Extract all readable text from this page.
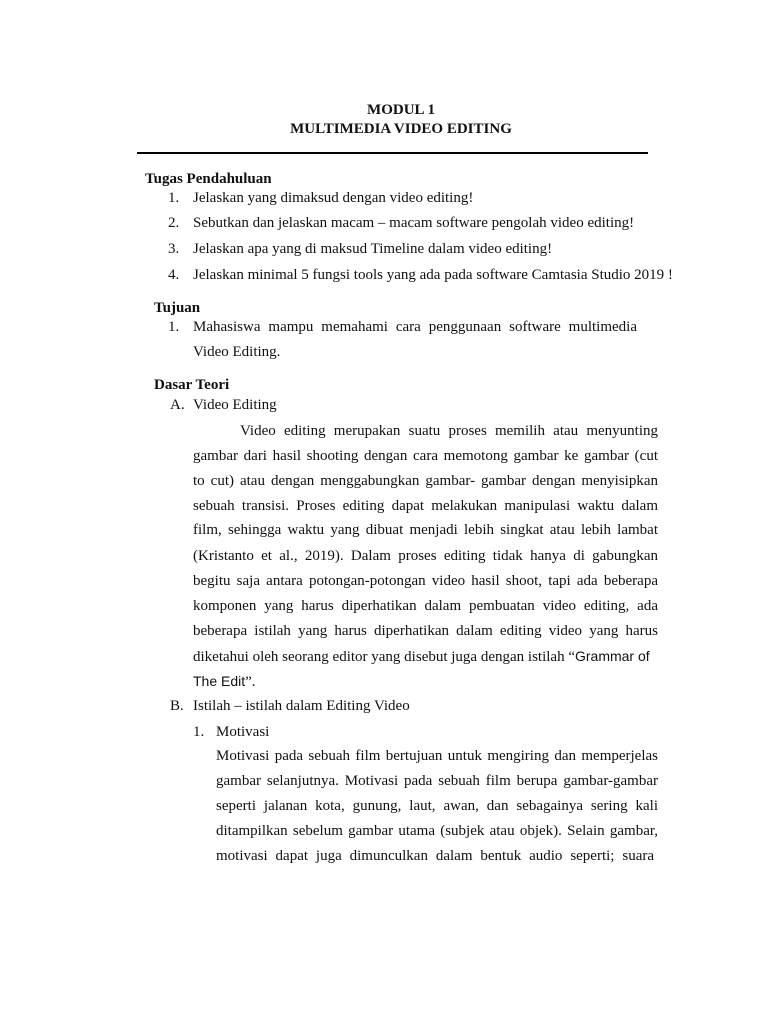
MODUL 1
MULTIMEDIA VIDEO EDITING
Tugas Pendahuluan
1. Jelaskan yang dimaksud dengan video editing!
2. Sebutkan dan jelaskan macam – macam software pengolah video editing!
3. Jelaskan apa yang di maksud Timeline dalam video editing!
4. Jelaskan minimal 5 fungsi tools yang ada pada software Camtasia Studio 2019 !
Tujuan
1. Mahasiswa mampu memahami cara penggunaan software multimedia
Video Editing.
Dasar Teori
A. Video Editing
Video editing merupakan suatu proses memilih atau menyunting
gambar dari hasil shooting dengan cara memotong gambar ke gambar (cut
to cut) atau dengan menggabungkan gambar- gambar dengan menyisipkan
sebuah transisi. Proses editing dapat melakukan manipulasi waktu dalam
film, sehingga waktu yang dibuat menjadi lebih singkat atau lebih lambat
(Kristanto et al., 2019). Dalam proses editing tidak hanya di gabungkan
begitu saja antara potongan-potongan video hasil shoot, tapi ada beberapa
komponen yang harus diperhatikan dalam pembuatan video editing, ada
beberapa istilah yang harus diperhatikan dalam editing video yang harus
diketahui oleh seorang editor yang disebut juga dengan istilah “Grammar of
The Edit”.
B. Istilah – istilah dalam Editing Video
1. Motivasi
Motivasi pada sebuah film bertujuan untuk mengiring dan memperjelas
gambar selanjutnya. Motivasi pada sebuah film berupa gambar-gambar
seperti jalanan kota, gunung, laut, awan, dan sebagainya sering kali
ditampilkan sebelum gambar utama (subjek atau objek). Selain gambar,
motivasi dapat juga dimunculkan dalam bentuk audio seperti; suara
